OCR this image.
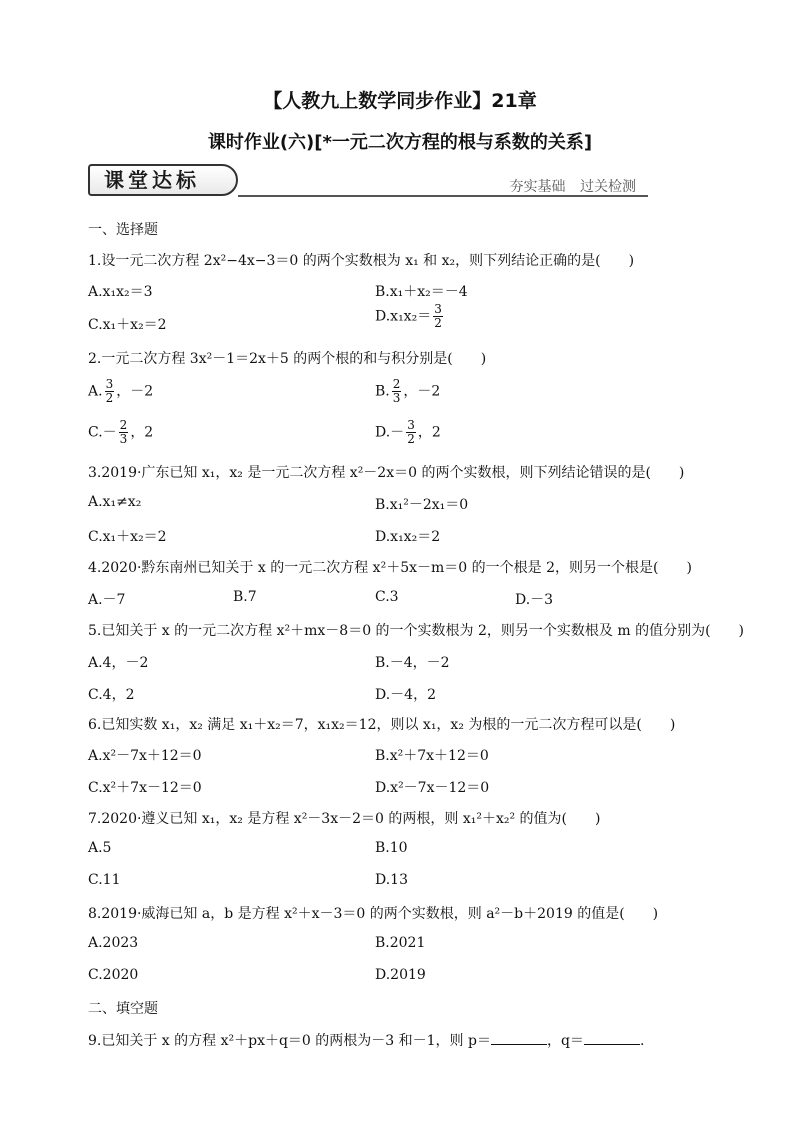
【人教九上数学同步作业】21章
课时作业(六)[*一元二次方程的根与系数的关系]
课堂达标	夯实基础 过关检测
一、选择题
1.设一元二次方程 2x²−4x−3＝0 的两个实数根为 x₁ 和 x₂，则下列结论正确的是(　　)
A.x₁x₂＝3	B.x₁＋x₂＝－4
C.x₁＋x₂＝2
$D.x_1x_2= \frac{3}{2}$
2.一元二次方程 3x²－1＝2x＋5 的两个根的和与积分别是(　　)
A. $\frac{3}{2}$ ，－2	B. $\frac{2}{3}$ ，－2
$C.- \frac{2}{3}$ ，2	$D.- \frac{3}{2}$ ，2
3.2019·广东已知 x₁，x₂ 是一元二次方程 x²－2x＝0 的两个实数根，则下列结论错误的是(　　)
A.x₁≠x₂	B.x₁²－2x₁＝0
C.x₁＋x₂＝2	D.x₁x₂＝2
4.2020·黔东南州已知关于 x 的一元二次方程 x²＋5x－m＝0 的一个根是 2，则另一个根是(　　)
A.－7	B.7	C.3	D.－3
5.已知关于 x 的一元二次方程 x²＋mx－8＝0 的一个实数根为 2，则另一个实数根及 m 的值分别为(　　)
A.4，－2	B.－4，－2
C.4，2	D.－4，2
6.已知实数 x₁，x₂ 满足 x₁＋x₂＝7，x₁x₂＝12，则以 x₁，x₂ 为根的一元二次方程可以是(　　)
A.x²－7x＋12＝0	B.x²＋7x＋12＝0
C.x²＋7x－12＝0	D.x²－7x－12＝0
7.2020·遵义已知 x₁，x₂ 是方程 x²－3x－2＝0 的两根，则 x₁²＋x₂² 的值为(　　)
A.5	B.10
C.11	D.13
8.2019·威海已知 a，b 是方程 x²＋x－3＝0 的两个实数根，则 a²－b＋2019 的值是(　　)
A.2023	B.2021
C.2020	D.2019
二、填空题
9.已知关于 x 的方程 x²＋px＋q＝0 的两根为－3 和－1，则 p＝	，q＝	.
